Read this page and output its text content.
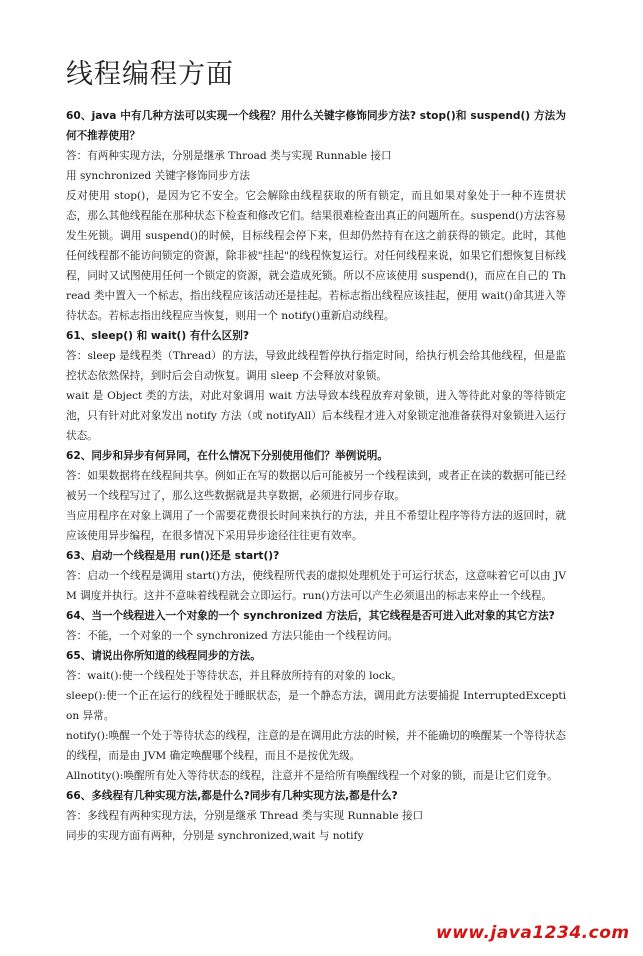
线程编程方面

60、java 中有几种方法可以实现一个线程？用什么关键字修饰同步方法? stop()和 suspend() 方法为何不推荐使用？

答：有两种实现方法，分别是继承 Throad 类与实现 Runnable 接口

用 synchronized 关键字修饰同步方法

反对使用 stop()，是因为它不安全。它会解除由线程获取的所有锁定，而且如果对象处于一种不连贯状态，那么其他线程能在那种状态下检查和修改它们。结果很难检查出真正的问题所在。suspend()方法容易发生死锁。调用 suspend()的时候，目标线程会停下来，但却仍然持有在这之前获得的锁定。此时，其他任何线程都不能访问锁定的资源，除非被"挂起"的线程恢复运行。对任何线程来说，如果它们想恢复目标线程，同时又试图使用任何一个锁定的资源，就会造成死锁。所以不应该使用 suspend()，而应在自己的 Thread 类中置入一个标志，指出线程应该活动还是挂起。若标志指出线程应该挂起，便用 wait()命其进入等待状态。若标志指出线程应当恢复，则用一个 notify()重新启动线程。

61、sleep() 和 wait() 有什么区别?

答：sleep 是线程类（Thread）的方法，导致此线程暂停执行指定时间，给执行机会给其他线程，但是监控状态依然保持，到时后会自动恢复。调用 sleep 不会释放对象锁。

wait 是 Object 类的方法，对此对象调用 wait 方法导致本线程放弃对象锁，进入等待此对象的等待锁定池，只有针对此对象发出 notify 方法（或 notifyAll）后本线程才进入对象锁定池准备获得对象锁进入运行状态。

62、同步和异步有何异同，在什么情况下分别使用他们？举例说明。

答：如果数据将在线程间共享。例如正在写的数据以后可能被另一个线程读到，或者正在读的数据可能已经被另一个线程写过了，那么这些数据就是共享数据，必须进行同步存取。

当应用程序在对象上调用了一个需要花费很长时间来执行的方法，并且不希望让程序等待方法的返回时，就应该使用异步编程，在很多情况下采用异步途径往往更有效率。

63、启动一个线程是用 run()还是 start()?

答：启动一个线程是调用 start()方法，使线程所代表的虚拟处理机处于可运行状态，这意味着它可以由 JVM 调度并执行。这并不意味着线程就会立即运行。run()方法可以产生必须退出的标志来停止一个线程。

64、当一个线程进入一个对象的一个 synchronized 方法后，其它线程是否可进入此对象的其它方法?

答：不能，一个对象的一个 synchronized 方法只能由一个线程访问。

65、请说出你所知道的线程同步的方法。

答：wait():使一个线程处于等待状态，并且释放所持有的对象的 lock。

sleep():使一个正在运行的线程处于睡眠状态，是一个静态方法，调用此方法要捕捉 InterruptedException 异常。

notify():唤醒一个处于等待状态的线程，注意的是在调用此方法的时候，并不能确切的唤醒某一个等待状态的线程，而是由 JVM 确定唤醒哪个线程，而且不是按优先级。

Allnotity():唤醒所有处入等待状态的线程，注意并不是给所有唤醒线程一个对象的锁，而是让它们竞争。

66、多线程有几种实现方法,都是什么?同步有几种实现方法,都是什么?

答：多线程有两种实现方法，分别是继承 Thread 类与实现 Runnable 接口

同步的实现方面有两种，分别是 synchronized,wait 与 notify

www.java1234.com
